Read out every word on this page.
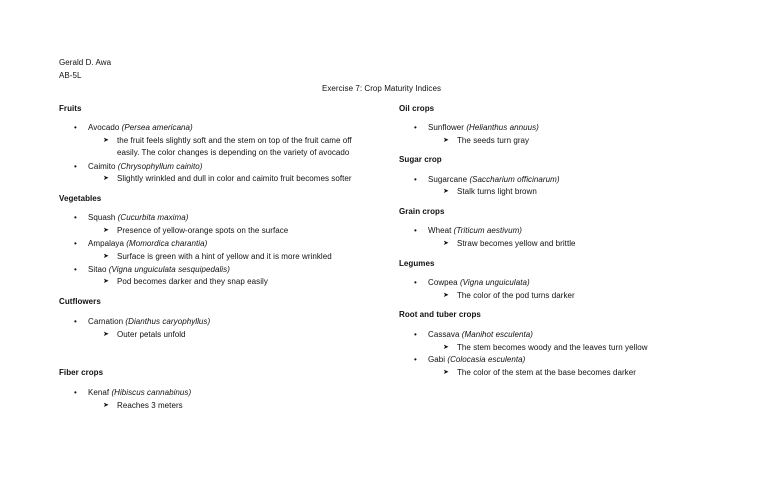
Gerald D. Awa
AB-5L
Exercise 7: Crop Maturity Indices
Fruits
• Avocado (Persea americana)
➤ the fruit feels slightly soft and the stem on top of the fruit came off
easily. The color changes is depending on the variety of avocado
• Caimito (Chrysophyllum cainito)
➤ Slightly wrinkled and dull in color and caimito fruit becomes softer
Vegetables
• Squash (Cucurbita maxima)
➤ Presence of yellow-orange spots on the surface
• Ampalaya (Momordica charantia)
➤ Surface is green with a hint of yellow and it is more wrinkled
• Sitao (Vigna unguiculata sesquipedalis)
➤ Pod becomes darker and they snap easily
Cutflowers
• Carnation (Dianthus caryophyllus)
➤ Outer petals unfold
Fiber crops
• Kenaf (Hibiscus cannabinus)
➤ Reaches 3 meters
Oil crops
• Sunflower (Helianthus annuus)
➤ The seeds turn gray
Sugar crop
• Sugarcane (Saccharium officinarum)
➤ Stalk turns light brown
Grain crops
• Wheat (Triticum aestivum)
➤ Straw becomes yellow and brittle
Legumes
• Cowpea (Vigna unguiculata)
➤ The color of the pod turns darker
Root and tuber crops
• Cassava (Manihot esculenta)
➤ The stem becomes woody and the leaves turn yellow
• Gabi (Colocasia esculenta)
➤ The color of the stem at the base becomes darker
